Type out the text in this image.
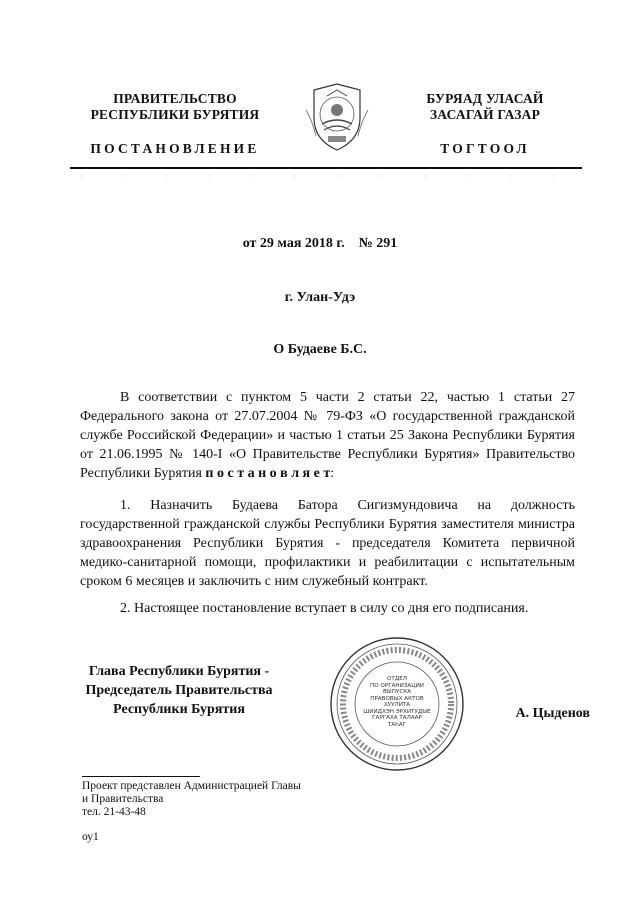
ПРАВИТЕЛЬСТВО
РЕСПУБЛИКИ БУРЯТИЯ
ПОСТАНОВЛЕНИЕ
БУРЯАД УЛАСАЙ
ЗАСАГАЙ ГАЗАР
ТОГТООЛ
от 29 мая 2018 г.    № 291
г. Улан-Удэ
О Будаеве Б.С.
В соответствии с пунктом 5 части 2 статьи 22, частью 1 статьи 27 Федерального закона от 27.07.2004 № 79-ФЗ «О государственной гражданской службе Российской Федерации» и частью 1 статьи 25 Закона Республики Бурятия от 21.06.1995 № 140-I «О Правительстве Республики Бурятия» Правительство Республики Бурятия п о с т а н о в л я е т:
1. Назначить Будаева Батора Сигизмундовича на должность государственной гражданской службы Республики Бурятия заместителя министра здравоохранения Республики Бурятия - председателя Комитета первичной медико-санитарной помощи, профилактики и реабилитации с испытательным сроком 6 месяцев и заключить с ним служебный контракт.
2. Настоящее постановление вступает в силу со дня его подписания.
Глава Республики Бурятия -
Председатель Правительства
Республики Бурятия
ОТДЕЛ
ПО ОРГАНИЗАЦИИ
ВЫПУСКА
ПРАВОВЫХ АКТОВ
ХУУЛИТА
ШИИДХЭН ЭРХИТУДЫЕ
ГАРГАХА ТАЛААР
ТАҺАГ
А. Цыденов
Проект представлен Администрацией Главы
и Правительства
тел. 21-43-48
оу1
